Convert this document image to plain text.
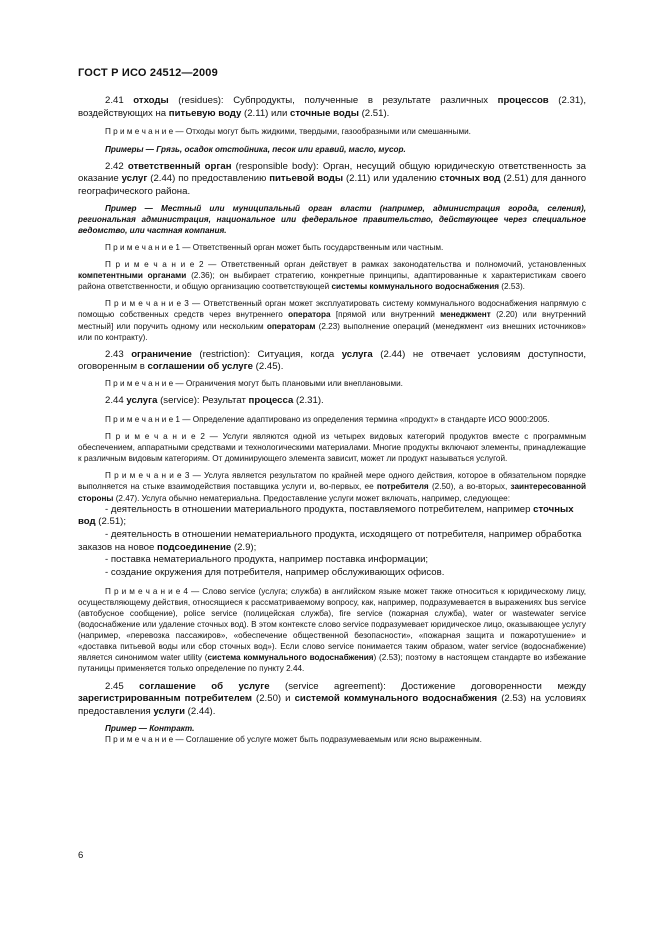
ГОСТ Р ИСО 24512—2009

2.41 отходы (residues): Субпродукты, полученные в результате различных процессов (2.31), воздействующих на питьевую воду (2.11) или сточные воды (2.51).

П р и м е ч а н и е — Отходы могут быть жидкими, твердыми, газообразными или смешанными.

Примеры — Грязь, осадок отстойника, песок или гравий, масло, мусор.

2.42 ответственный орган (responsible body): Орган, несущий общую юридическую ответственность за оказание услуг (2.44) по предоставлению питьевой воды (2.11) или удалению сточных вод (2.51) для данного географического района.

Пример — Местный или муниципальный орган власти (например, администрация города, селения), региональная администрация, национальное или федеральное правительство, действующее через специальное ведомство, или частная компания.

П р и м е ч а н и е 1 — Ответственный орган может быть государственным или частным.

П р и м е ч а н и е 2 — Ответственный орган действует в рамках законодательства и полномочий, установленных компетентными органами (2.36); он выбирает стратегию, конкретные принципы, адаптированные к характеристикам своего района ответственности, и общую организацию соответствующей системы коммунального водоснабжения (2.53).

П р и м е ч а н и е 3 — Ответственный орган может эксплуатировать систему коммунального водоснабжения напрямую с помощью собственных средств через внутреннего оператора [прямой или внутренний менеджмент (2.20) или внутренний местный] или поручить одному или нескольким операторам (2.23) выполнение операций (менеджмент «из внешних источников» или по контракту).

2.43 ограничение (restriction): Ситуация, когда услуга (2.44) не отвечает условиям доступности, оговоренным в соглашении об услуге (2.45).

П р и м е ч а н и е — Ограничения могут быть плановыми или внеплановыми.

2.44 услуга (service): Результат процесса (2.31).

П р и м е ч а н и е 1 — Определение адаптировано из определения термина «продукт» в стандарте ИСО 9000:2005.

П р и м е ч а н и е 2 — Услуги являются одной из четырех видовых категорий продуктов вместе с программным обеспечением, аппаратными средствами и технологическими материалами. Многие продукты включают элементы, принадлежащие к различным видовым категориям. От доминирующего элемента зависит, может ли продукт называться услугой.

П р и м е ч а н и е 3 — Услуга является результатом по крайней мере одного действия, которое в обязательном порядке выполняется на стыке взаимодействия поставщика услуги и, во-первых, ее потребителя (2.50), а во-вторых, заинтересованной стороны (2.47). Услуга обычно нематериальна. Предоставление услуги может включать, например, следующее:

- деятельность в отношении материального продукта, поставляемого потребителем, например сточных вод (2.51);

- деятельность в отношении нематериального продукта, исходящего от потребителя, например обработка заказов на новое подсоединение (2.9);

- поставка нематериального продукта, например поставка информации;

- создание окружения для потребителя, например обслуживающих офисов.

П р и м е ч а н и е 4 — Слово service (услуга; служба) в английском языке может также относиться к юридическому лицу, осуществляющему действия, относящиеся к рассматриваемому вопросу, как, например, подразумевается в выражениях bus service (автобусное сообщение), police service (полицейская служба), fire service (пожарная служба), water or wastewater service (водоснабжение или удаление сточных вод). В этом контексте слово service подразумевает юридическое лицо, оказывающее услугу (например, «перевозка пассажиров», «обеспечение общественной безопасности», «пожарная защита и пожаротушение» и «доставка питьевой воды или сбор сточных вод»). Если слово service понимается таким образом, water service (водоснабжение) является синонимом water utility (система коммунального водоснабжения) (2.53); поэтому в настоящем стандарте во избежание путаницы применяется только определение по пункту 2.44.

2.45 соглашение об услуге (service agreement): Достижение договоренности между зарегистрированным потребителем (2.50) и системой коммунального водоснабжения (2.53) на условиях предоставления услуги (2.44).

Пример — Контракт.

П р и м е ч а н и е — Соглашение об услуге может быть подразумеваемым или ясно выраженным.

6
